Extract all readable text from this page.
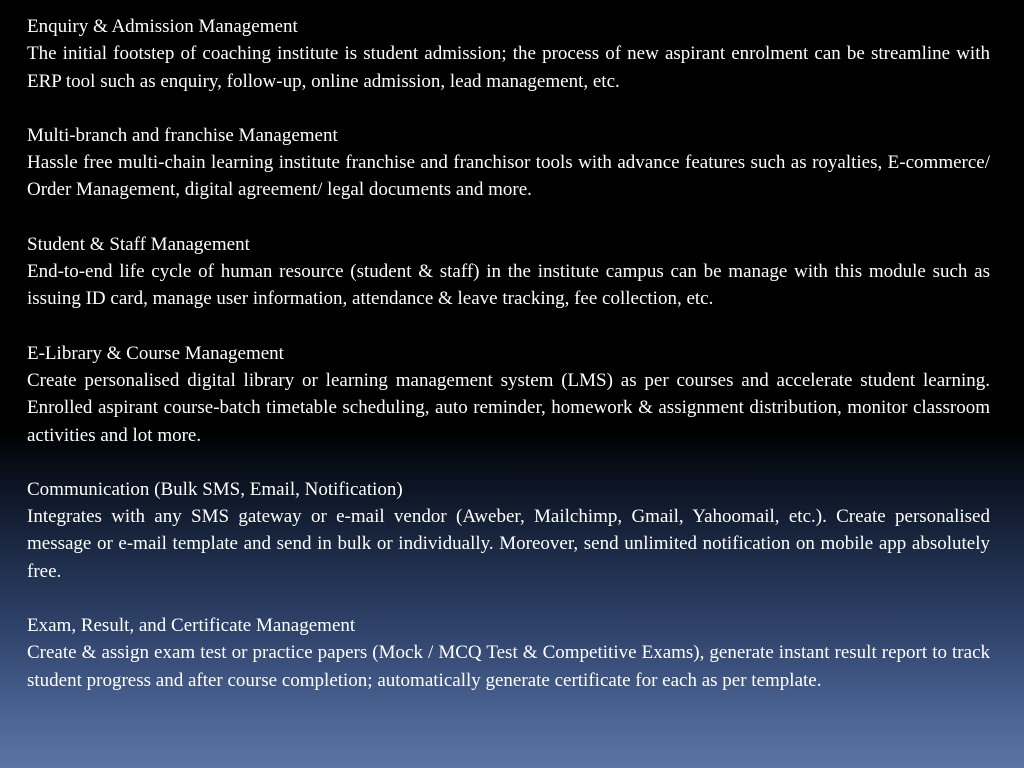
Enquiry & Admission Management

The initial footstep of coaching institute is student admission; the process of new aspirant enrolment can be streamline with ERP tool such as enquiry, follow-up, online admission, lead management, etc.

Multi-branch and franchise Management

Hassle free multi-chain learning institute franchise and franchisor tools with advance features such as royalties, E-commerce/ Order Management, digital agreement/ legal documents and more.

Student & Staff Management

End-to-end life cycle of human resource (student & staff) in the institute campus can be manage with this module such as issuing ID card, manage user information, attendance & leave tracking, fee collection, etc.

E-Library & Course Management

Create personalised digital library or learning management system (LMS) as per courses and accelerate student learning. Enrolled aspirant course-batch timetable scheduling, auto reminder, homework & assignment distribution, monitor classroom activities and lot more.

Communication (Bulk SMS, Email, Notification)

Integrates with any SMS gateway or e-mail vendor (Aweber, Mailchimp, Gmail, Yahoomail, etc.). Create personalised message or e-mail template and send in bulk or individually. Moreover, send unlimited notification on mobile app absolutely free.

Exam, Result, and Certificate Management

Create & assign exam test or practice papers (Mock / MCQ Test & Competitive Exams), generate instant result report to track student progress and after course completion; automatically generate certificate for each as per template.
